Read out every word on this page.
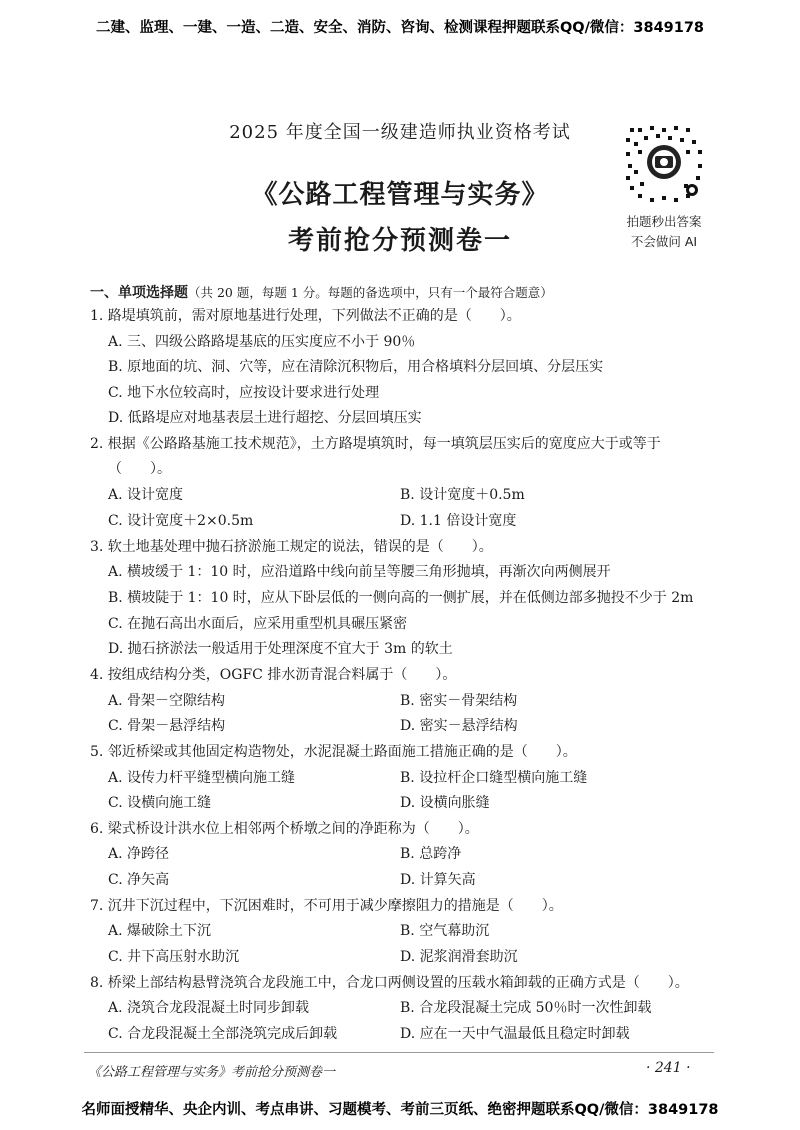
二建、监理、一建、一造、二造、安全、消防、咨询、检测课程押题联系QQ/微信：3849178
2025 年度全国一级建造师执业资格考试
拍题秒出答案
不会做问 AI
《公路工程管理与实务》
考前抢分预测卷一
一、单项选择题（共 20 题，每题 1 分。每题的备选项中，只有一个最符合题意）
1. 路堤填筑前，需对原地基进行处理，下列做法不正确的是（　　）。
A. 三、四级公路路堤基底的压实度应不小于 90％
B. 原地面的坑、洞、穴等，应在清除沉积物后，用合格填料分层回填、分层压实
C. 地下水位较高时，应按设计要求进行处理
D. 低路堤应对地基表层土进行超挖、分层回填压实
2. 根据《公路路基施工技术规范》，土方路堤填筑时，每一填筑层压实后的宽度应大于或等于
（　　）。
A. 设计宽度	B. 设计宽度＋0.5m
C. 设计宽度＋2×0.5m	D. 1.1 倍设计宽度
3. 软土地基处理中抛石挤淤施工规定的说法，错误的是（　　）。
A. 横坡缓于 1：10 时，应沿道路中线向前呈等腰三角形抛填，再渐次向两侧展开
B. 横坡陡于 1：10 时，应从下卧层低的一侧向高的一侧扩展，并在低侧边部多抛投不少于 2m
C. 在抛石高出水面后，应采用重型机具碾压紧密
D. 抛石挤淤法一般适用于处理深度不宜大于 3m 的软土
4. 按组成结构分类，OGFC 排水沥青混合料属于（　　）。
A. 骨架－空隙结构	B. 密实－骨架结构
C. 骨架－悬浮结构	D. 密实－悬浮结构
5. 邻近桥梁或其他固定构造物处，水泥混凝土路面施工措施正确的是（　　）。
A. 设传力杆平缝型横向施工缝	B. 设拉杆企口缝型横向施工缝
C. 设横向施工缝	D. 设横向胀缝
6. 梁式桥设计洪水位上相邻两个桥墩之间的净距称为（　　）。
A. 净跨径	B. 总跨净
C. 净矢高	D. 计算矢高
7. 沉井下沉过程中，下沉困难时，不可用于减少摩擦阻力的措施是（　　）。
A. 爆破除土下沉	B. 空气幕助沉
C. 井下高压射水助沉	D. 泥浆润滑套助沉
8. 桥梁上部结构悬臂浇筑合龙段施工中，合龙口两侧设置的压载水箱卸载的正确方式是（　　）。
A. 浇筑合龙段混凝土时同步卸载	B. 合龙段混凝土完成 50％时一次性卸载
C. 合龙段混凝土全部浇筑完成后卸载	D. 应在一天中气温最低且稳定时卸载
《公路工程管理与实务》考前抢分预测卷一	· 241 ·
名师面授精华、央企内训、考点串讲、习题模考、考前三页纸、绝密押题联系QQ/微信：3849178
